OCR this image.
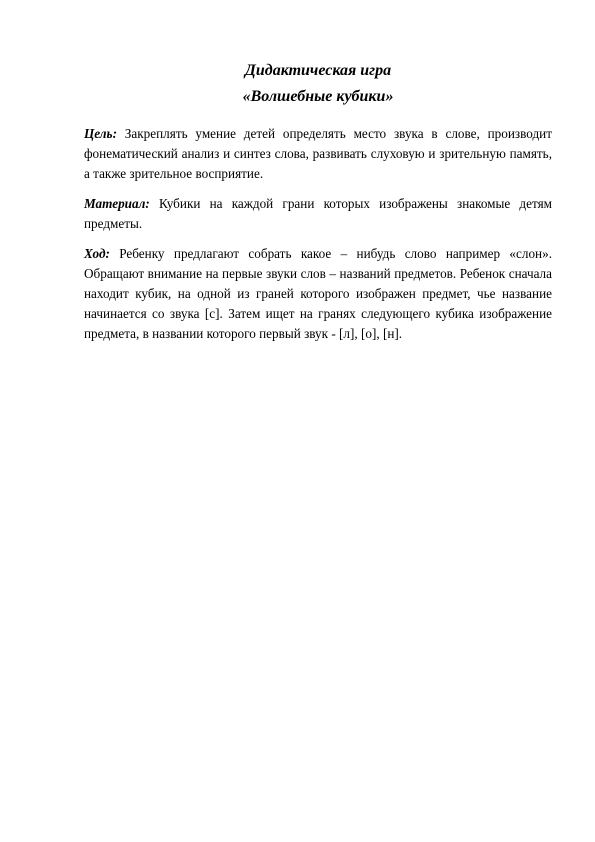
Дидактическая игра

«Волшебные кубики»

Цель: Закреплять умение детей определять место звука в слове, производит фонематический анализ и синтез слова, развивать слуховую и зрительную память, а также зрительное восприятие.

Материал: Кубики на каждой грани которых изображены знакомые детям предметы.

Ход: Ребенку предлагают собрать какое – нибудь слово например «слон». Обращают внимание на первые звуки слов – названий предметов. Ребенок сначала находит кубик, на одной из граней которого изображен предмет, чье название начинается со звука [с]. Затем ищет на гранях следующего кубика изображение предмета, в названии которого первый звук - [л], [о], [н].
